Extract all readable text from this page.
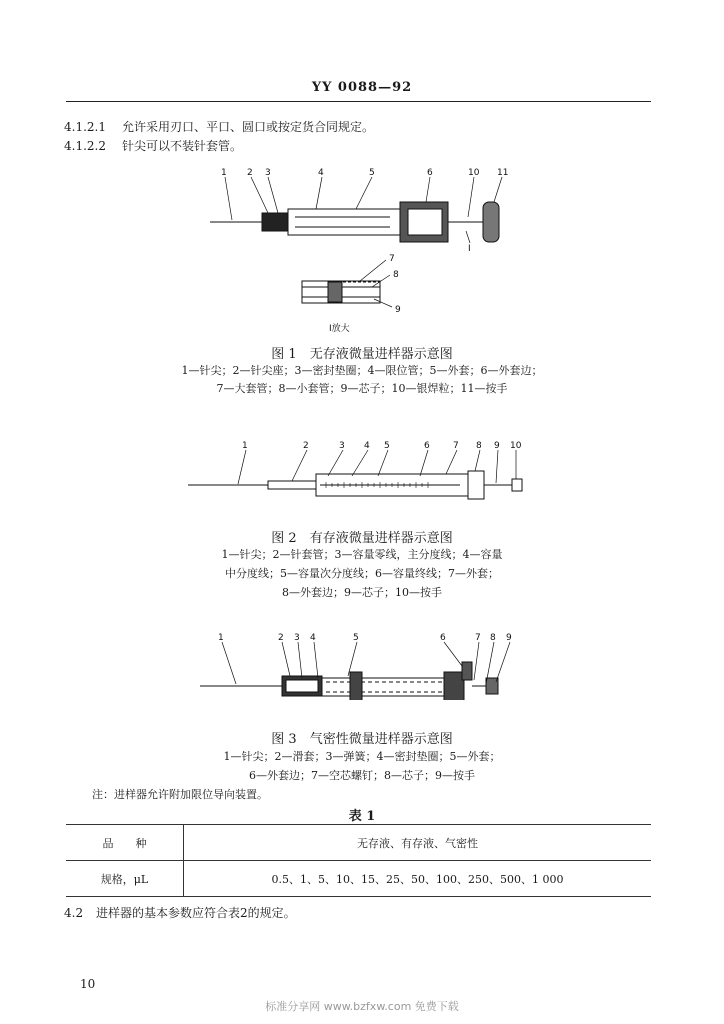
YY 0088—92
4.1.2.1 允许采用刃口、平口、圆口或按定货合同规定。
4.1.2.2 针尖可以不装针套管。
1 2 3	4	5	6	10 11
I
7
8
9
I放大
图 1　无存液微量进样器示意图
1—针尖；2—针尖座；3—密封垫圈；4—限位管；5—外套；6—外套边；
7—大套管；8—小套管；9—芯子；10—银焊粒；11—按手
1	2	3 4 5	6	7 8 9 10
图 2　有存液微量进样器示意图
1—针尖；2—针套管；3—容量零线，主分度线；4—容量
中分度线；5—容量次分度线；6—容量终线；7—外套；
8—外套边；9—芯子；10—按手
1	2 3 4	5	6	7 8 9
图 3　气密性微量进样器示意图
1—针尖；2—滑套；3—弹簧；4—密封垫圈；5—外套；
6—外套边；7—空芯螺钉；8—芯子；9—按手
注：进样器允许附加限位导向装置。
表 1
品　　种	无存液、有存液、气密性
规格，μL	0.5、1、5、10、15、25、50、100、250、500、1 000
4.2 进样器的基本参数应符合表2的规定。
10
标准分享网 www.bzfxw.com 免费下载
